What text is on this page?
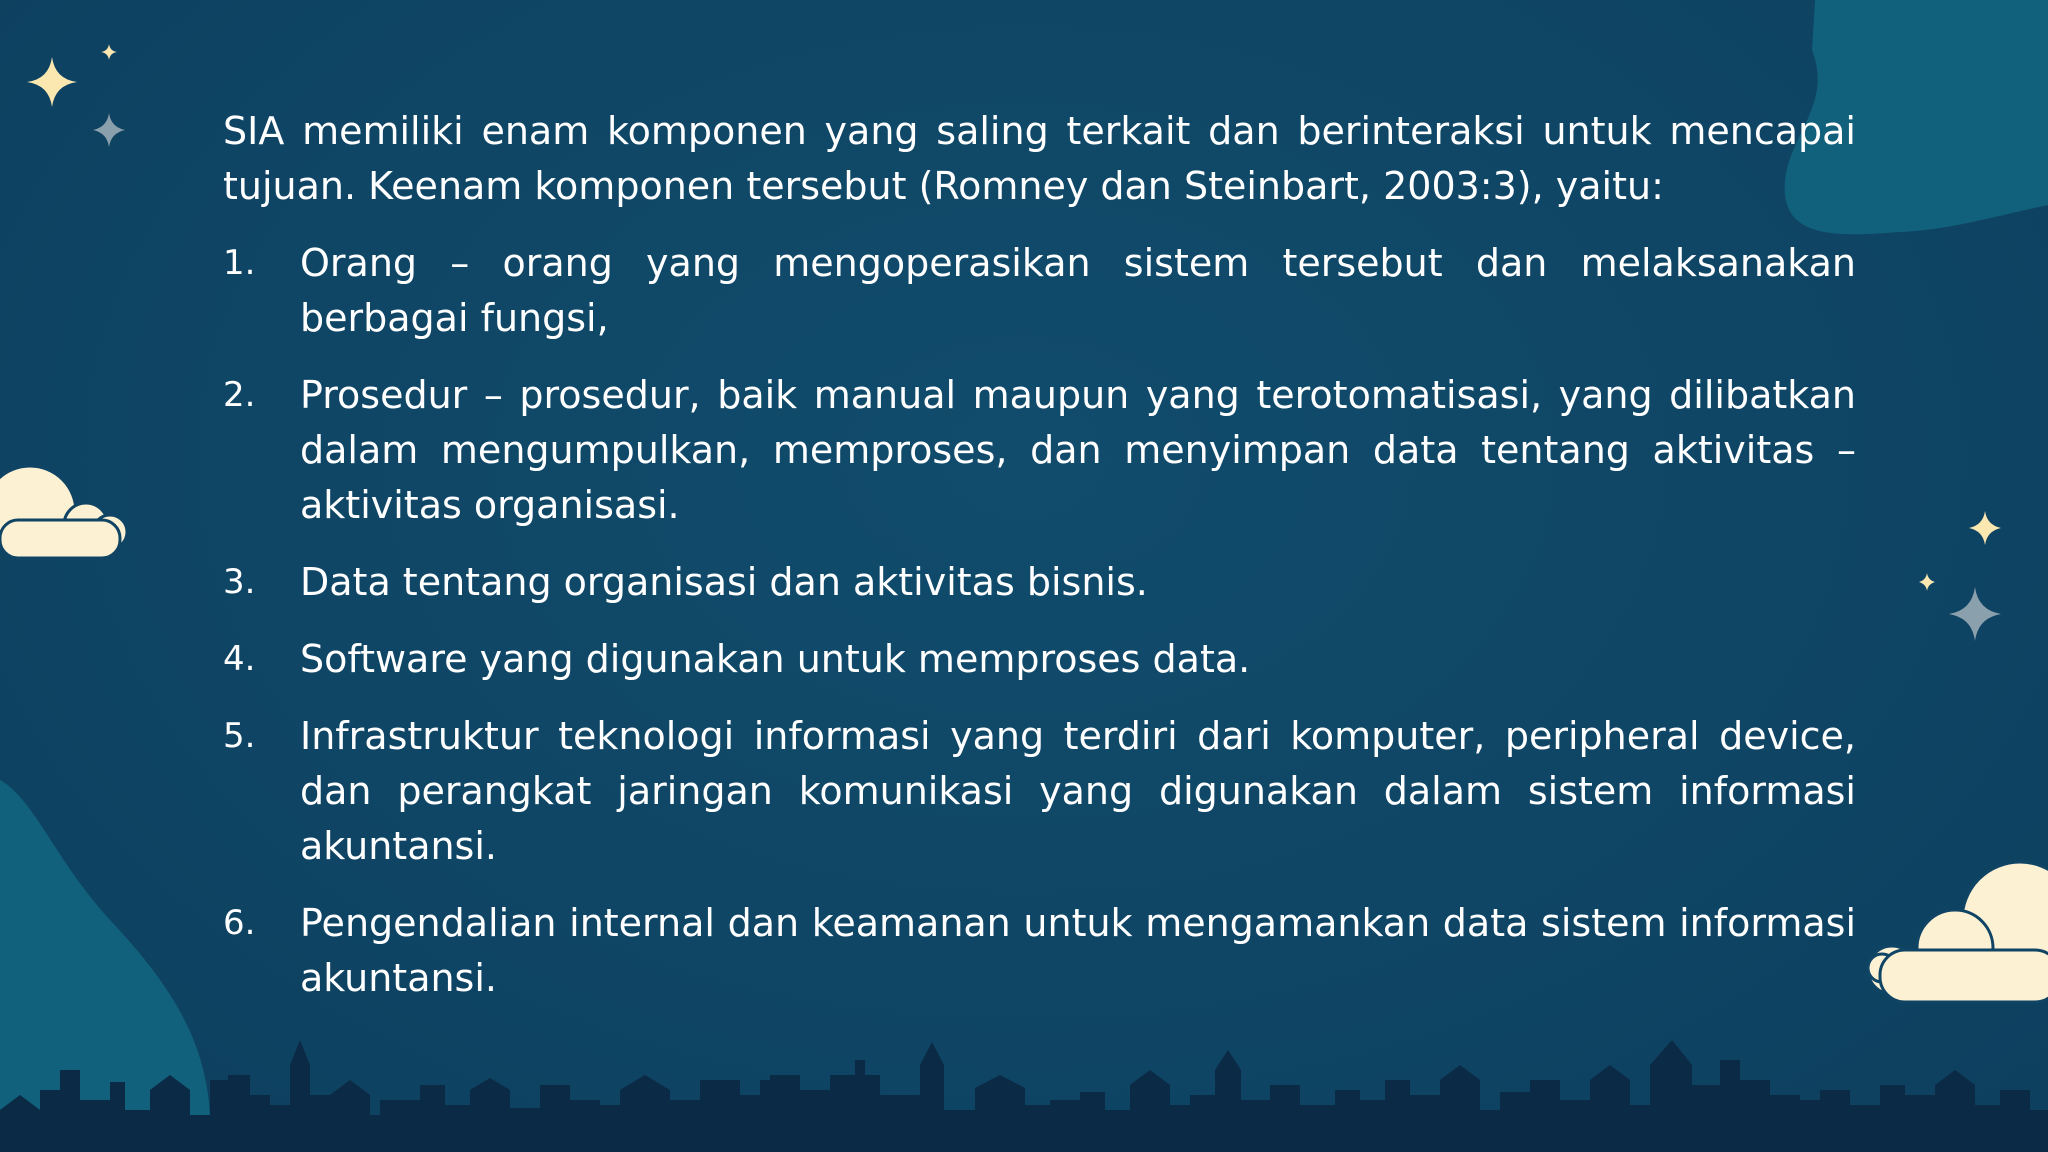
SIA memiliki enam komponen yang saling terkait dan berinteraksi untuk mencapai tujuan. Keenam komponen tersebut (Romney dan Steinbart, 2003:3), yaitu:

1. Orang – orang yang mengoperasikan sistem tersebut dan melaksanakan berbagai fungsi,
2. Prosedur – prosedur, baik manual maupun yang terotomatisasi, yang dilibatkan dalam mengumpulkan, memproses, dan menyimpan data tentang aktivitas – aktivitas organisasi.
3. Data tentang organisasi dan aktivitas bisnis.
4. Software yang digunakan untuk memproses data.
5. Infrastruktur teknologi informasi yang terdiri dari komputer, peripheral device, dan perangkat jaringan komunikasi yang digunakan dalam sistem informasi akuntansi.
6. Pengendalian internal dan keamanan untuk mengamankan data sistem informasi akuntansi.
